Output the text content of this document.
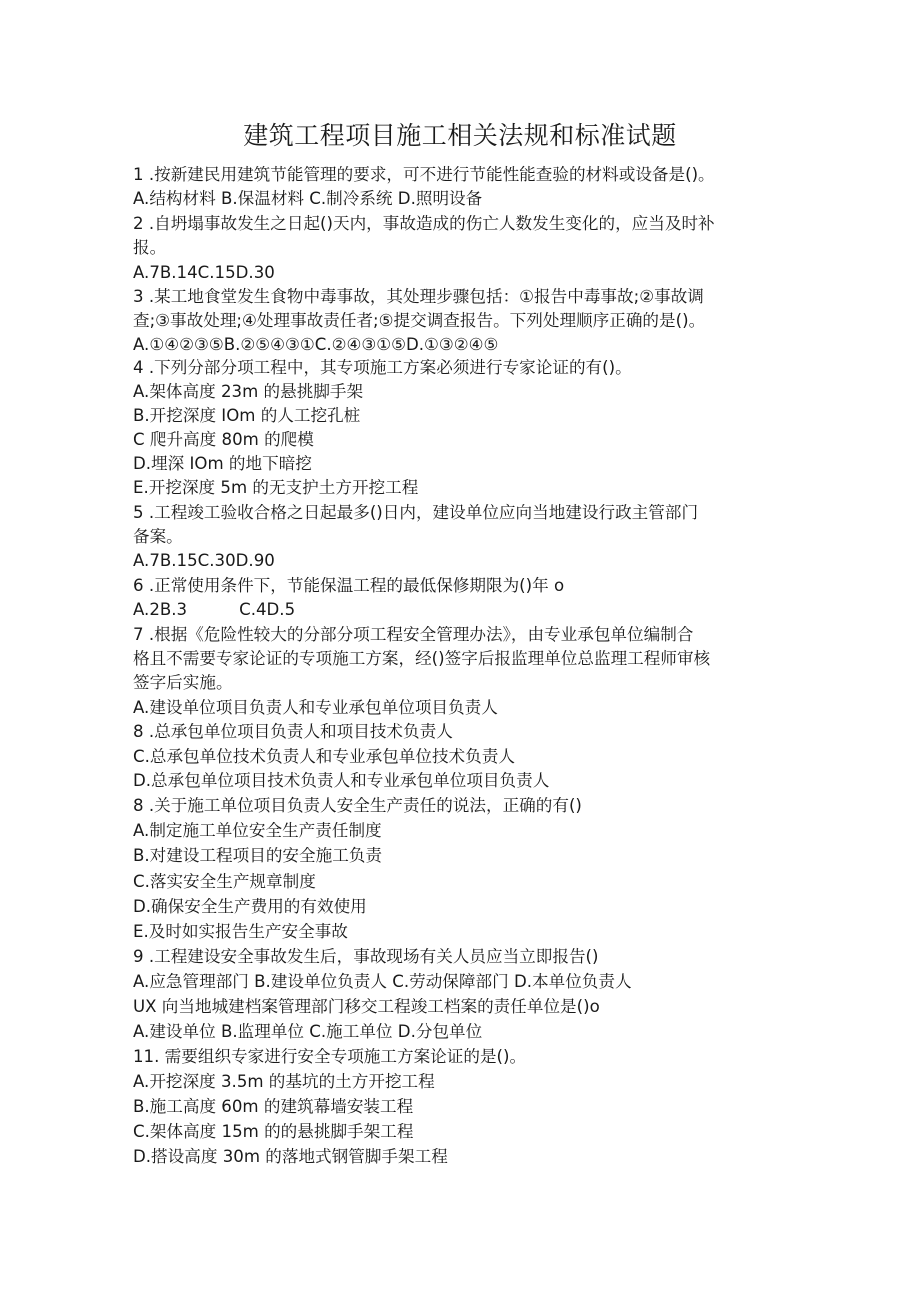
建筑工程项目施工相关法规和标准试题
1 .按新建民用建筑节能管理的要求，可不进行节能性能查验的材料或设备是()。
A.结构材料 B.保温材料 C.制冷系统 D.照明设备
2 .自坍塌事故发生之日起()天内，事故造成的伤亡人数发生变化的，应当及时补
报。
A.7B.14C.15D.30
3 .某工地食堂发生食物中毒事故，其处理步骤包括：①报告中毒事故;②事故调
查;③事故处理;④处理事故责任者;⑤提交调查报告。下列处理顺序正确的是()。
A.①④②③⑤B.②⑤④③①C.②④③①⑤D.①③②④⑤
4 .下列分部分项工程中，其专项施工方案必须进行专家论证的有()。
A.架体高度 23m 的悬挑脚手架
B.开挖深度 IOm 的人工挖孔桩
C 爬升高度 80m 的爬模
D.埋深 IOm 的地下暗挖
E.开挖深度 5m 的无支护土方开挖工程
5 .工程竣工验收合格之日起最多()日内，建设单位应向当地建设行政主管部门
备案。
A.7B.15C.30D.90
6 .正常使用条件下，节能保温工程的最低保修期限为()年 o
A.2B.3	C.4D.5
7 .根据《危险性较大的分部分项工程安全管理办法》，由专业承包单位编制合
格且不需要专家论证的专项施工方案，经()签字后报监理单位总监理工程师审核
签字后实施。
A.建设单位项目负责人和专业承包单位项目负责人
8 .总承包单位项目负责人和项目技术负责人
C.总承包单位技术负责人和专业承包单位技术负责人
D.总承包单位项目技术负责人和专业承包单位项目负责人
8 .关于施工单位项目负责人安全生产责任的说法，正确的有()
A.制定施工单位安全生产责任制度
B.对建设工程项目的安全施工负责
C.落实安全生产规章制度
D.确保安全生产费用的有效使用
E.及时如实报告生产安全事故
9 .工程建设安全事故发生后，事故现场有关人员应当立即报告()
A.应急管理部门 B.建设单位负责人 C.劳动保障部门 D.本单位负责人
UX 向当地城建档案管理部门移交工程竣工档案的责任单位是()o
A.建设单位 B.监理单位 C.施工单位 D.分包单位
11. 需要组织专家进行安全专项施工方案论证的是()。
A.开挖深度 3.5m 的基坑的土方开挖工程
B.施工高度 60m 的建筑幕墙安装工程
C.架体高度 15m 的的悬挑脚手架工程
D.搭设高度 30m 的落地式钢管脚手架工程
